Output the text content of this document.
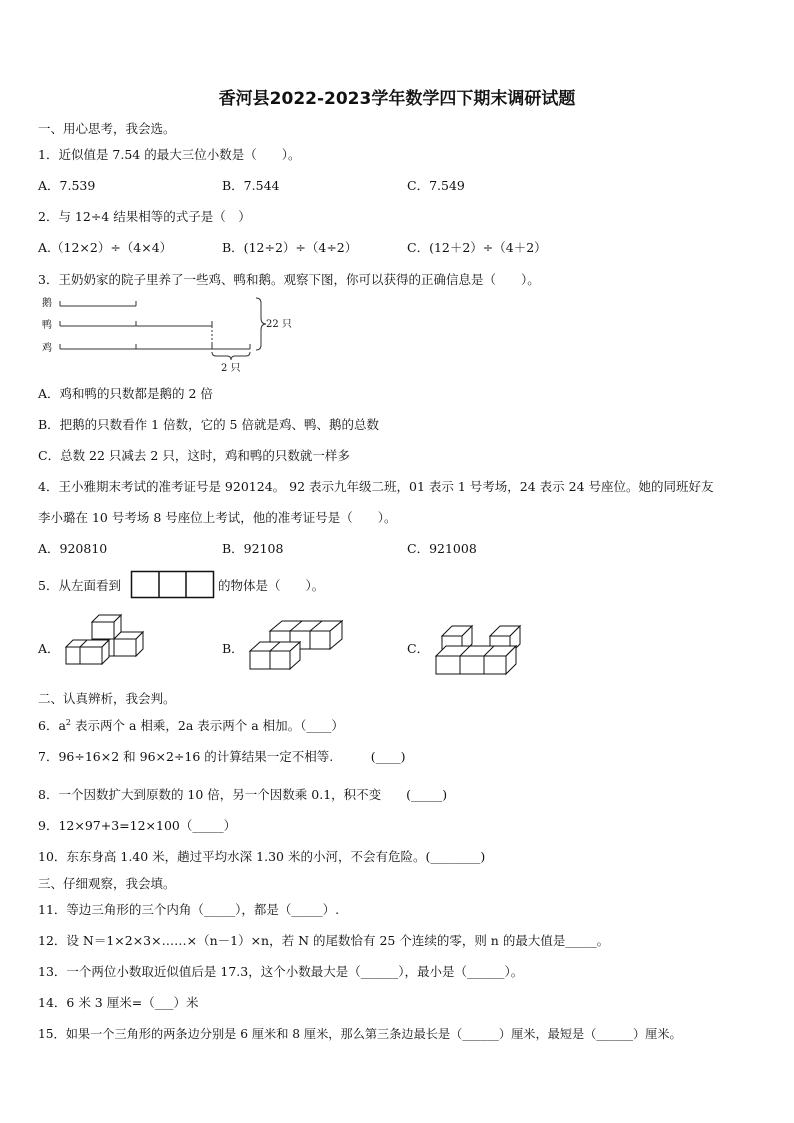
香河县2022-2023学年数学四下期末调研试题
一、用心思考，我会选。
1．近似值是 7.54 的最大三位小数是（　　）。
A．7.539	B．7.544	C．7.549
2．与 12÷4 结果相等的式子是（　）
A.（12×2）÷（4×4）	B．(12÷2）÷（4÷2）	C．(12＋2）÷（4＋2）
3．王奶奶家的院子里养了一些鸡、鸭和鹅。观察下图，你可以获得的正确信息是（　　）。
鹅
鸭
鸡
22 只
2 只
A．鸡和鸭的只数都是鹅的 2 倍
B．把鹅的只数看作 1 倍数，它的 5 倍就是鸡、鸭、鹅的总数
C．总数 22 只减去 2 只，这时，鸡和鸭的只数就一样多
4．王小雅期末考试的准考证号是 920124。 92 表示九年级二班，01 表示 1 号考场，24 表示 24 号座位。她的同班好友
李小璐在 10 号考场 8 号座位上考试，他的准考证号是（　　）。
A．920810	B．92108	C．921008
5．从左面看到	的物体是（　　）。
A．	B．	C．
二、认真辨析，我会判。
6．$a^2$ 表示两个 a 相乘，2a 表示两个 a 相加。（____）
7．96÷16×2 和 96×2÷16 的计算结果一定不相等.　　　(____)
8．一个因数扩大到原数的 10 倍，另一个因数乘 0.1，积不变　　(_____)
9．12×97+3=12×100（_____）
10．东东身高 1.40 米，趟过平均水深 1.30 米的小河，不会有危险。(________)
三、仔细观察，我会填。
11．等边三角形的三个内角（_____），都是（_____）.
12．设 N＝1×2×3×……×（n－1）×n，若 N 的尾数恰有 25 个连续的零，则 n 的最大值是_____。
13．一个两位小数取近似值后是 17.3，这个小数最大是（______），最小是（______）。
14．6 米 3 厘米=（___）米
15．如果一个三角形的两条边分别是 6 厘米和 8 厘米，那么第三条边最长是（______）厘米，最短是（______）厘米。
